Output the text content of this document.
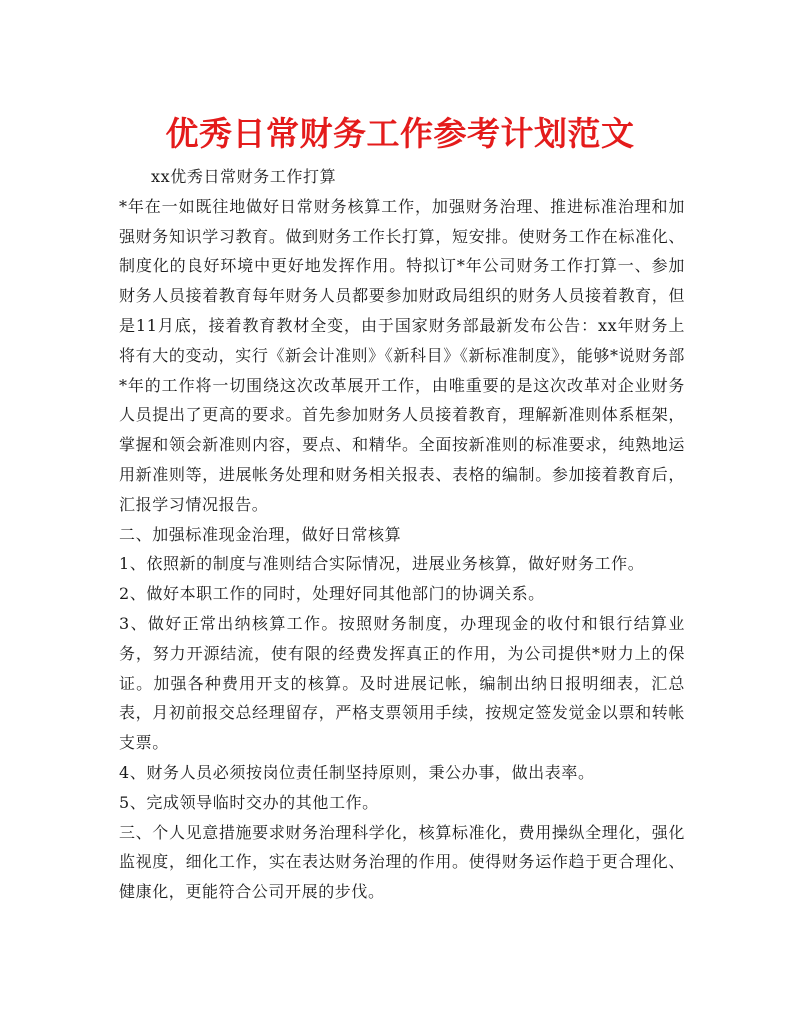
优秀日常财务工作参考计划范文

xx优秀日常财务工作打算

*年在一如既往地做好日常财务核算工作，加强财务治理、推进标准治理和加强财务知识学习教育。做到财务工作长打算，短安排。使财务工作在标准化、制度化的良好环境中更好地发挥作用。特拟订*年公司财务工作打算一、参加财务人员接着教育每年财务人员都要参加财政局组织的财务人员接着教育，但是11月底，接着教育教材全变，由于国家财务部最新发布公告：xx年财务上将有大的变动，实行《新会计准则》《新科目》《新标准制度》，能够*说财务部*年的工作将一切围绕这次改革展开工作，由唯重要的是这次改革对企业财务人员提出了更高的要求。首先参加财务人员接着教育，理解新准则体系框架，掌握和领会新准则内容，要点、和精华。全面按新准则的标准要求，纯熟地运用新准则等，进展帐务处理和财务相关报表、表格的编制。参加接着教育后，汇报学习情况报告。

二、加强标准现金治理，做好日常核算

1、依照新的制度与准则结合实际情况，进展业务核算，做好财务工作。

2、做好本职工作的同时，处理好同其他部门的协调关系。

3、做好正常出纳核算工作。按照财务制度，办理现金的收付和银行结算业务，努力开源结流，使有限的经费发挥真正的作用，为公司提供*财力上的保证。加强各种费用开支的核算。及时进展记帐，编制出纳日报明细表，汇总表，月初前报交总经理留存，严格支票领用手续，按规定签发觉金以票和转帐支票。

4、财务人员必须按岗位责任制坚持原则，秉公办事，做出表率。

5、完成领导临时交办的其他工作。

三、个人见意措施要求财务治理科学化，核算标准化，费用操纵全理化，强化监视度，细化工作，实在表达财务治理的作用。使得财务运作趋于更合理化、健康化，更能符合公司开展的步伐。
